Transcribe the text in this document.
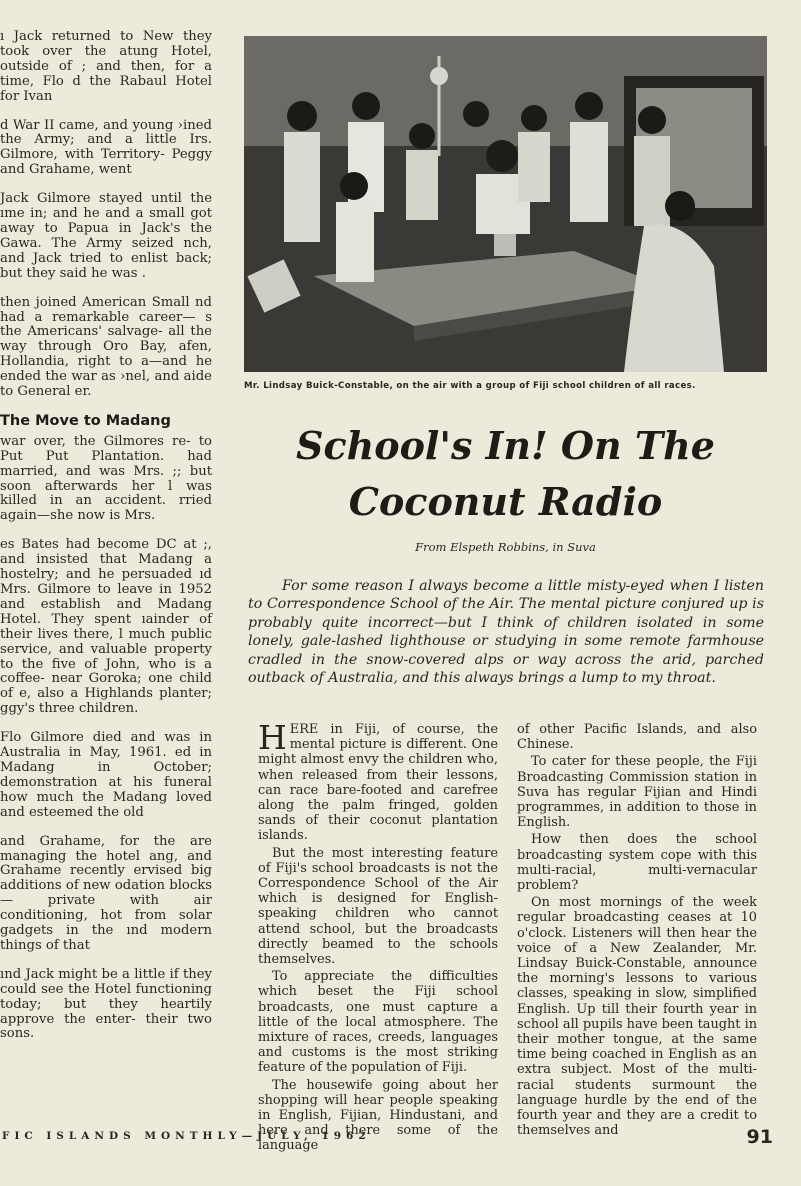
ı Jack returned to New they took over the atung Hotel, outside of ; and then, for a time, Flo d the Rabaul Hotel for Ivan

d War II came, and young ›ined the Army; and a little Irs. Gilmore, with Territory- Peggy and Grahame, went

Jack Gilmore stayed until the ıme in; and he and a small got away to Papua in Jack's the Gawa. The Army seized nch, and Jack tried to enlist back; but they said he was .

then joined American Small nd had a remarkable career— s the Americans' salvage- all the way through Oro Bay, afen, Hollandia, right to a—and he ended the war as ›nel, and aide to General er.

The Move to Madang

war over, the Gilmores re- to Put Put Plantation. had married, and was Mrs. ;; but soon afterwards her l was killed in an accident. rried again—she now is Mrs.

es Bates had become DC at ;, and insisted that Madang a hostelry; and he persuaded ıd Mrs. Gilmore to leave in 1952 and establish and Madang Hotel. They spent ıainder of their lives there, l much public service, and valuable property to the five of John, who is a coffee- near Goroka; one child of e, also a Highlands planter; ggy's three children.

Flo Gilmore died and was in Australia in May, 1961. ed in Madang in October; demonstration at his funeral how much the Madang loved and esteemed the old

and Grahame, for the are managing the hotel ang, and Grahame recently ervised big additions of new odation blocks — private with air conditioning, hot from solar gadgets in the ınd modern things of that

ınd Jack might be a little if they could see the Hotel functioning today; but they heartily approve the enter- their two sons.

Mr. Lindsay Buick-Constable, on the air with a group of Fiji school children of all races.
School's In! On The
Coconut Radio
From Elspeth Robbins, in Suva
For some reason I always become a little misty-eyed when I listen to Correspondence School of the Air. The mental picture conjured up is probably quite incorrect—but I think of children isolated in some lonely, gale-lashed lighthouse or studying in some remote farmhouse cradled in the snow-covered alps or way across the arid, parched outback of Australia, and this always brings a lump to my throat.

HERE in Fiji, of course, the mental picture is different. One might almost envy the children who, when released from their lessons, can race bare-footed and carefree along the palm fringed, golden sands of their coconut plantation islands.

But the most interesting feature of Fiji's school broadcasts is not the Correspondence School of the Air which is designed for English-speaking children who cannot attend school, but the broadcasts directly beamed to the schools themselves.

To appreciate the difficulties which beset the Fiji school broadcasts, one must capture a little of the local atmosphere. The mixture of races, creeds, languages and customs is the most striking feature of the population of Fiji.

The housewife going about her shopping will hear people speaking in English, Fijian, Hindustani, and here and there some of the language

of other Pacific Islands, and also Chinese.

To cater for these people, the Fiji Broadcasting Commission station in Suva has regular Fijian and Hindi programmes, in addition to those in English.

How then does the school broadcasting system cope with this multi-racial, multi-vernacular problem?

On most mornings of the week regular broadcasting ceases at 10 o'clock. Listeners will then hear the voice of a New Zealander, Mr. Lindsay Buick-Constable, announce the morning's lessons to various classes, speaking in slow, simplified English. Up till their fourth year in school all pupils have been taught in their mother tongue, at the same time being coached in English as an extra subject. Most of the multi-racial students surmount the language hurdle by the end of the fourth year and they are a credit to themselves and

FIC ISLANDS MONTHLY—JULY, 1962	91
